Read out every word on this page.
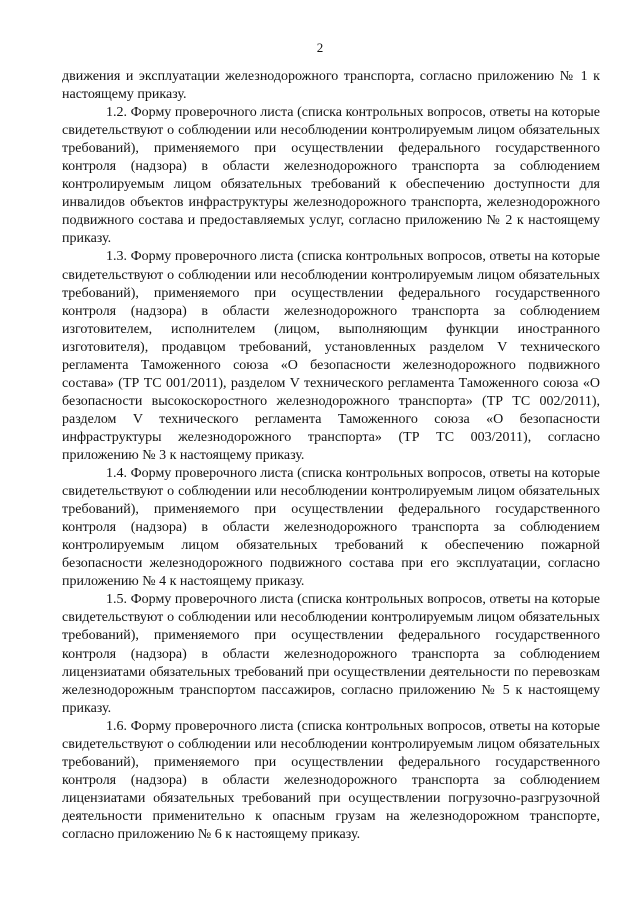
2

движения и эксплуатации железнодорожного транспорта, согласно приложению № 1 к настоящему приказу.

1.2. Форму проверочного листа (списка контрольных вопросов, ответы на которые свидетельствуют о соблюдении или несоблюдении контролируемым лицом обязательных требований), применяемого при осуществлении федерального государственного контроля (надзора) в области железнодорожного транспорта за соблюдением контролируемым лицом обязательных требований к обеспечению доступности для инвалидов объектов инфраструктуры железнодорожного транспорта, железнодорожного подвижного состава и предоставляемых услуг, согласно приложению № 2 к настоящему приказу.

1.3. Форму проверочного листа (списка контрольных вопросов, ответы на которые свидетельствуют о соблюдении или несоблюдении контролируемым лицом обязательных требований), применяемого при осуществлении федерального государственного контроля (надзора) в области железнодорожного транспорта за соблюдением изготовителем, исполнителем (лицом, выполняющим функции иностранного изготовителя), продавцом требований, установленных разделом V технического регламента Таможенного союза «О безопасности железнодорожного подвижного состава» (ТР ТС 001/2011), разделом V технического регламента Таможенного союза «О безопасности высокоскоростного железнодорожного транспорта» (ТР ТС 002/2011), разделом V технического регламента Таможенного союза «О безопасности инфраструктуры железнодорожного транспорта» (ТР ТС 003/2011), согласно приложению № 3 к настоящему приказу.

1.4. Форму проверочного листа (списка контрольных вопросов, ответы на которые свидетельствуют о соблюдении или несоблюдении контролируемым лицом обязательных требований), применяемого при осуществлении федерального государственного контроля (надзора) в области железнодорожного транспорта за соблюдением контролируемым лицом обязательных требований к обеспечению пожарной безопасности железнодорожного подвижного состава при его эксплуатации, согласно приложению № 4 к настоящему приказу.

1.5. Форму проверочного листа (списка контрольных вопросов, ответы на которые свидетельствуют о соблюдении или несоблюдении контролируемым лицом обязательных требований), применяемого при осуществлении федерального государственного контроля (надзора) в области железнодорожного транспорта за соблюдением лицензиатами обязательных требований при осуществлении деятельности по перевозкам железнодорожным транспортом пассажиров, согласно приложению № 5 к настоящему приказу.

1.6. Форму проверочного листа (списка контрольных вопросов, ответы на которые свидетельствуют о соблюдении или несоблюдении контролируемым лицом обязательных требований), применяемого при осуществлении федерального государственного контроля (надзора) в области железнодорожного транспорта за соблюдением лицензиатами обязательных требований при осуществлении погрузочно-разгрузочной деятельности применительно к опасным грузам на железнодорожном транспорте, согласно приложению № 6 к настоящему приказу.
